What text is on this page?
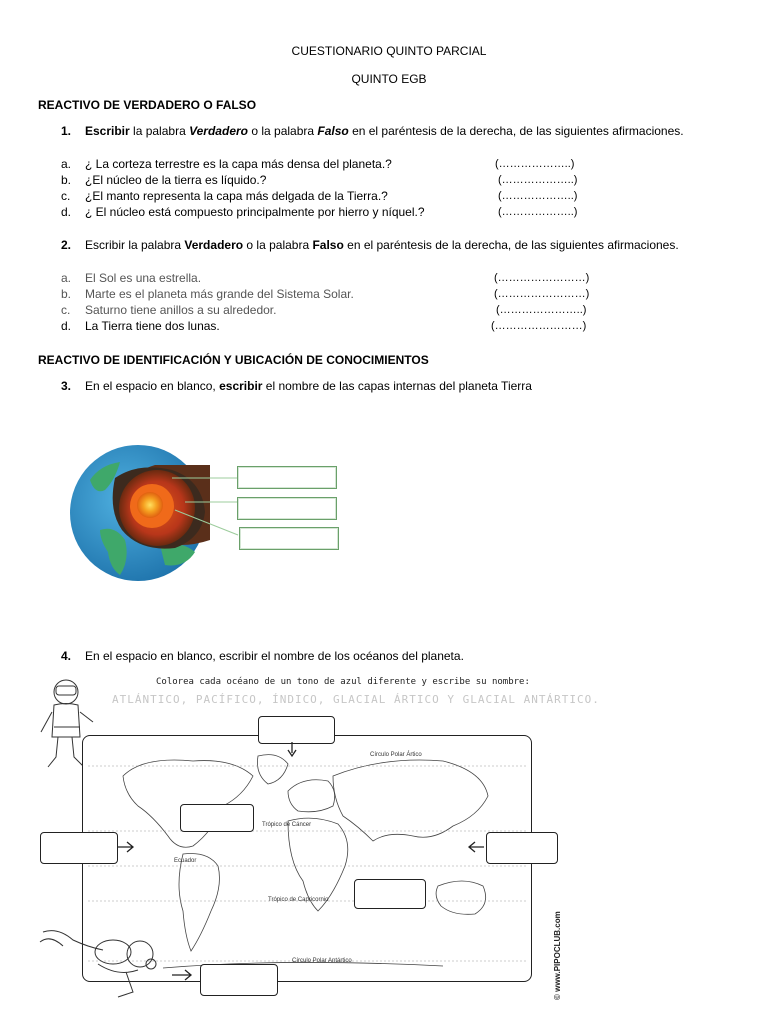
CUESTIONARIO QUINTO PARCIAL
QUINTO EGB
REACTIVO DE VERDADERO O FALSO
1. Escribir la palabra Verdadero o la palabra Falso en el paréntesis de la derecha, de las siguientes afirmaciones.
a. ¿ La corteza terrestre es la capa más densa del planeta.?	(………………..)
b. ¿El núcleo de la tierra es líquido.?	(………………..)
c. ¿El manto representa la capa más delgada de la Tierra.?	(………………..)
d. ¿ El núcleo está compuesto principalmente por hierro y níquel.?	(………………..)
2. Escribir la palabra Verdadero o la palabra Falso en el paréntesis de la derecha, de las siguientes afirmaciones.
a. El Sol es una estrella.	(……………………)
b. Marte es el planeta más grande del Sistema Solar.	(……………………)
c. Saturno tiene anillos a su alrededor.	(…………………..)
d. La Tierra tiene dos lunas.	(……………………)
REACTIVO DE IDENTIFICACIÓN Y UBICACIÓN DE CONOCIMIENTOS
3. En el espacio en blanco, escribir el nombre de las capas internas del planeta Tierra
4. En el espacio en blanco, escribir el nombre de los océanos del planeta.
Colorea cada océano de un tono de azul diferente y escribe su nombre:
ATLÁNTICO, PACÍFICO, ÍNDICO, GLACIAL ÁRTICO Y GLACIAL ANTÁRTICO.
Círculo Polar Ártico
Trópico de Cáncer
Ecuador
Trópico de Capricornio
Círculo Polar Antártico	© www.PIPOCLUB.com
